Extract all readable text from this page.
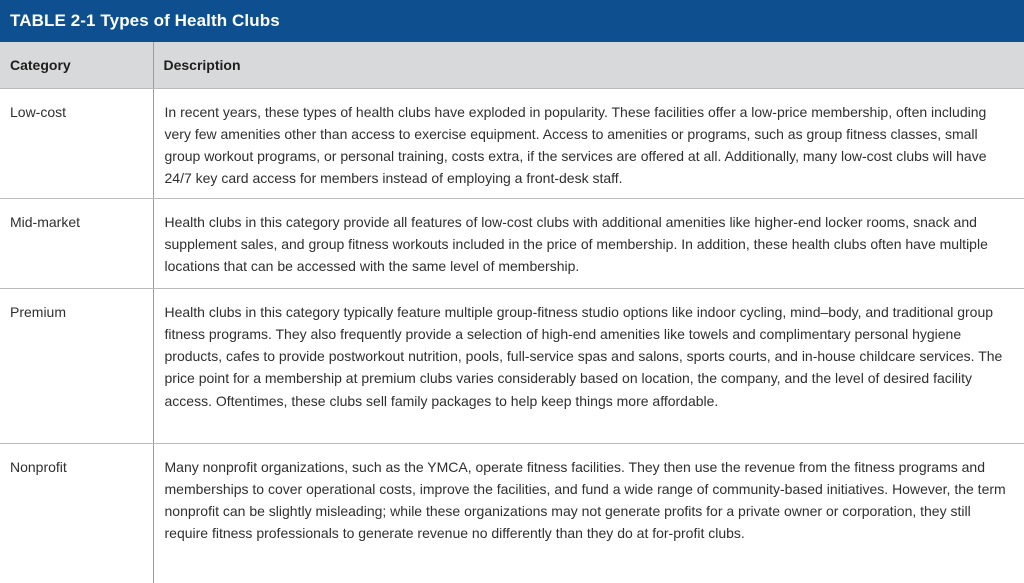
TABLE 2-1 Types of Health Clubs
Category	Description
Low-cost	In recent years, these types of health clubs have exploded in popularity. These facilities offer a low-price membership, often including very few amenities other than access to exercise equipment. Access to amenities or programs, such as group fitness classes, small group workout programs, or personal training, costs extra, if the services are offered at all. Additionally, many low-cost clubs will have 24/7 key card access for members instead of employing a front-desk staff.
Mid-market	Health clubs in this category provide all features of low-cost clubs with additional amenities like higher-end locker rooms, snack and supplement sales, and group fitness workouts included in the price of membership. In addition, these health clubs often have multiple locations that can be accessed with the same level of membership.
Premium	Health clubs in this category typically feature multiple group-fitness studio options like indoor cycling, mind–body, and traditional group fitness programs. They also frequently provide a selection of high-end amenities like towels and complimentary personal hygiene products, cafes to provide postworkout nutrition, pools, full-service spas and salons, sports courts, and in-house childcare services. The price point for a membership at premium clubs varies considerably based on location, the company, and the level of desired facility access. Oftentimes, these clubs sell family packages to help keep things more affordable.
Nonprofit	Many nonprofit organizations, such as the YMCA, operate fitness facilities. They then use the revenue from the fitness programs and memberships to cover operational costs, improve the facilities, and fund a wide range of community-based initiatives. However, the term nonprofit can be slightly misleading; while these organizations may not generate profits for a private owner or corporation, they still require fitness professionals to generate revenue no differently than they do at for-profit clubs.
